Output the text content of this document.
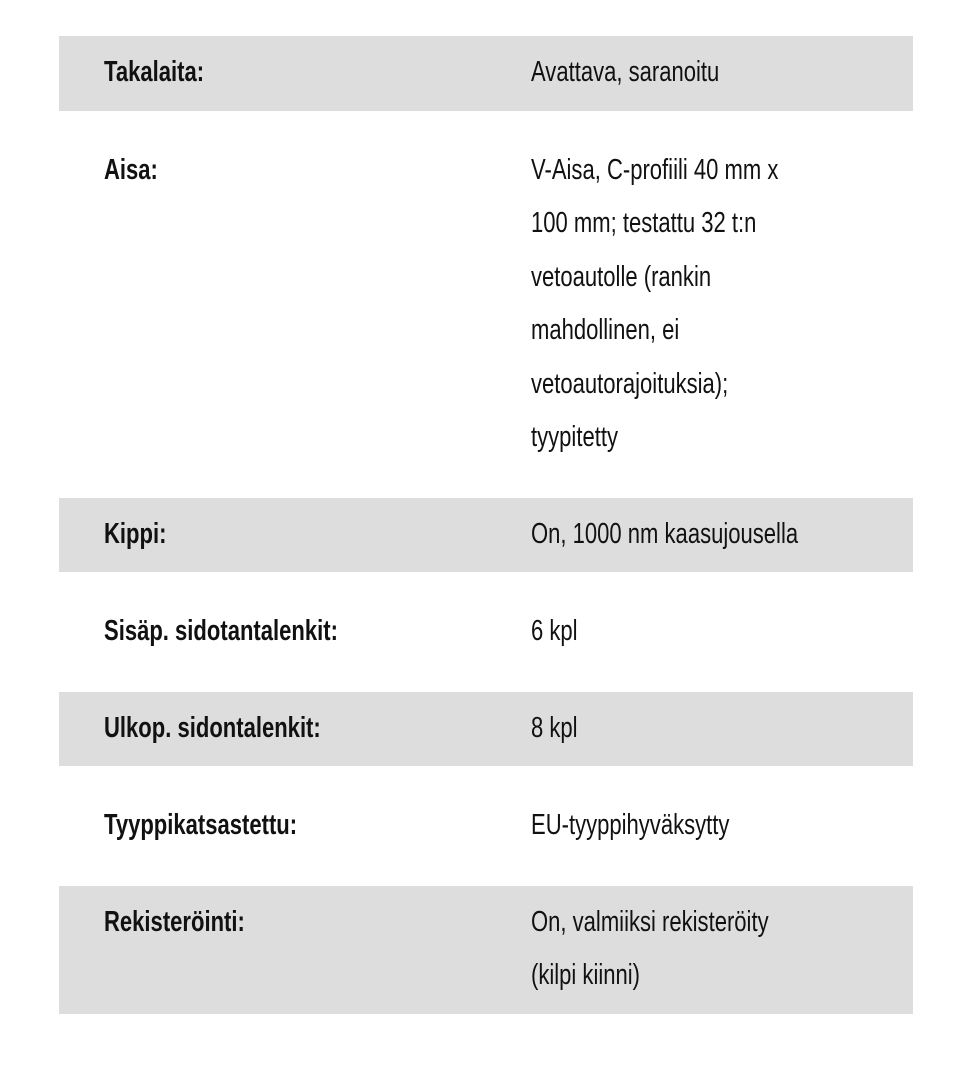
Takalaita:	Avattava, saranoitu
Aisa:	V-Aisa, C-profiili 40 mm x
100 mm; testattu 32 t:n
vetoautolle (rankin
mahdollinen, ei
vetoautorajoituksia);
tyypitetty
Kippi:	On, 1000 nm kaasujousella
Sisäp. sidotantalenkit:	6 kpl
Ulkop. sidontalenkit:	8 kpl
Tyyppikatsastettu:	EU-tyyppihyväksytty
Rekisteröinti:	On, valmiiksi rekisteröity
(kilpi kiinni)
